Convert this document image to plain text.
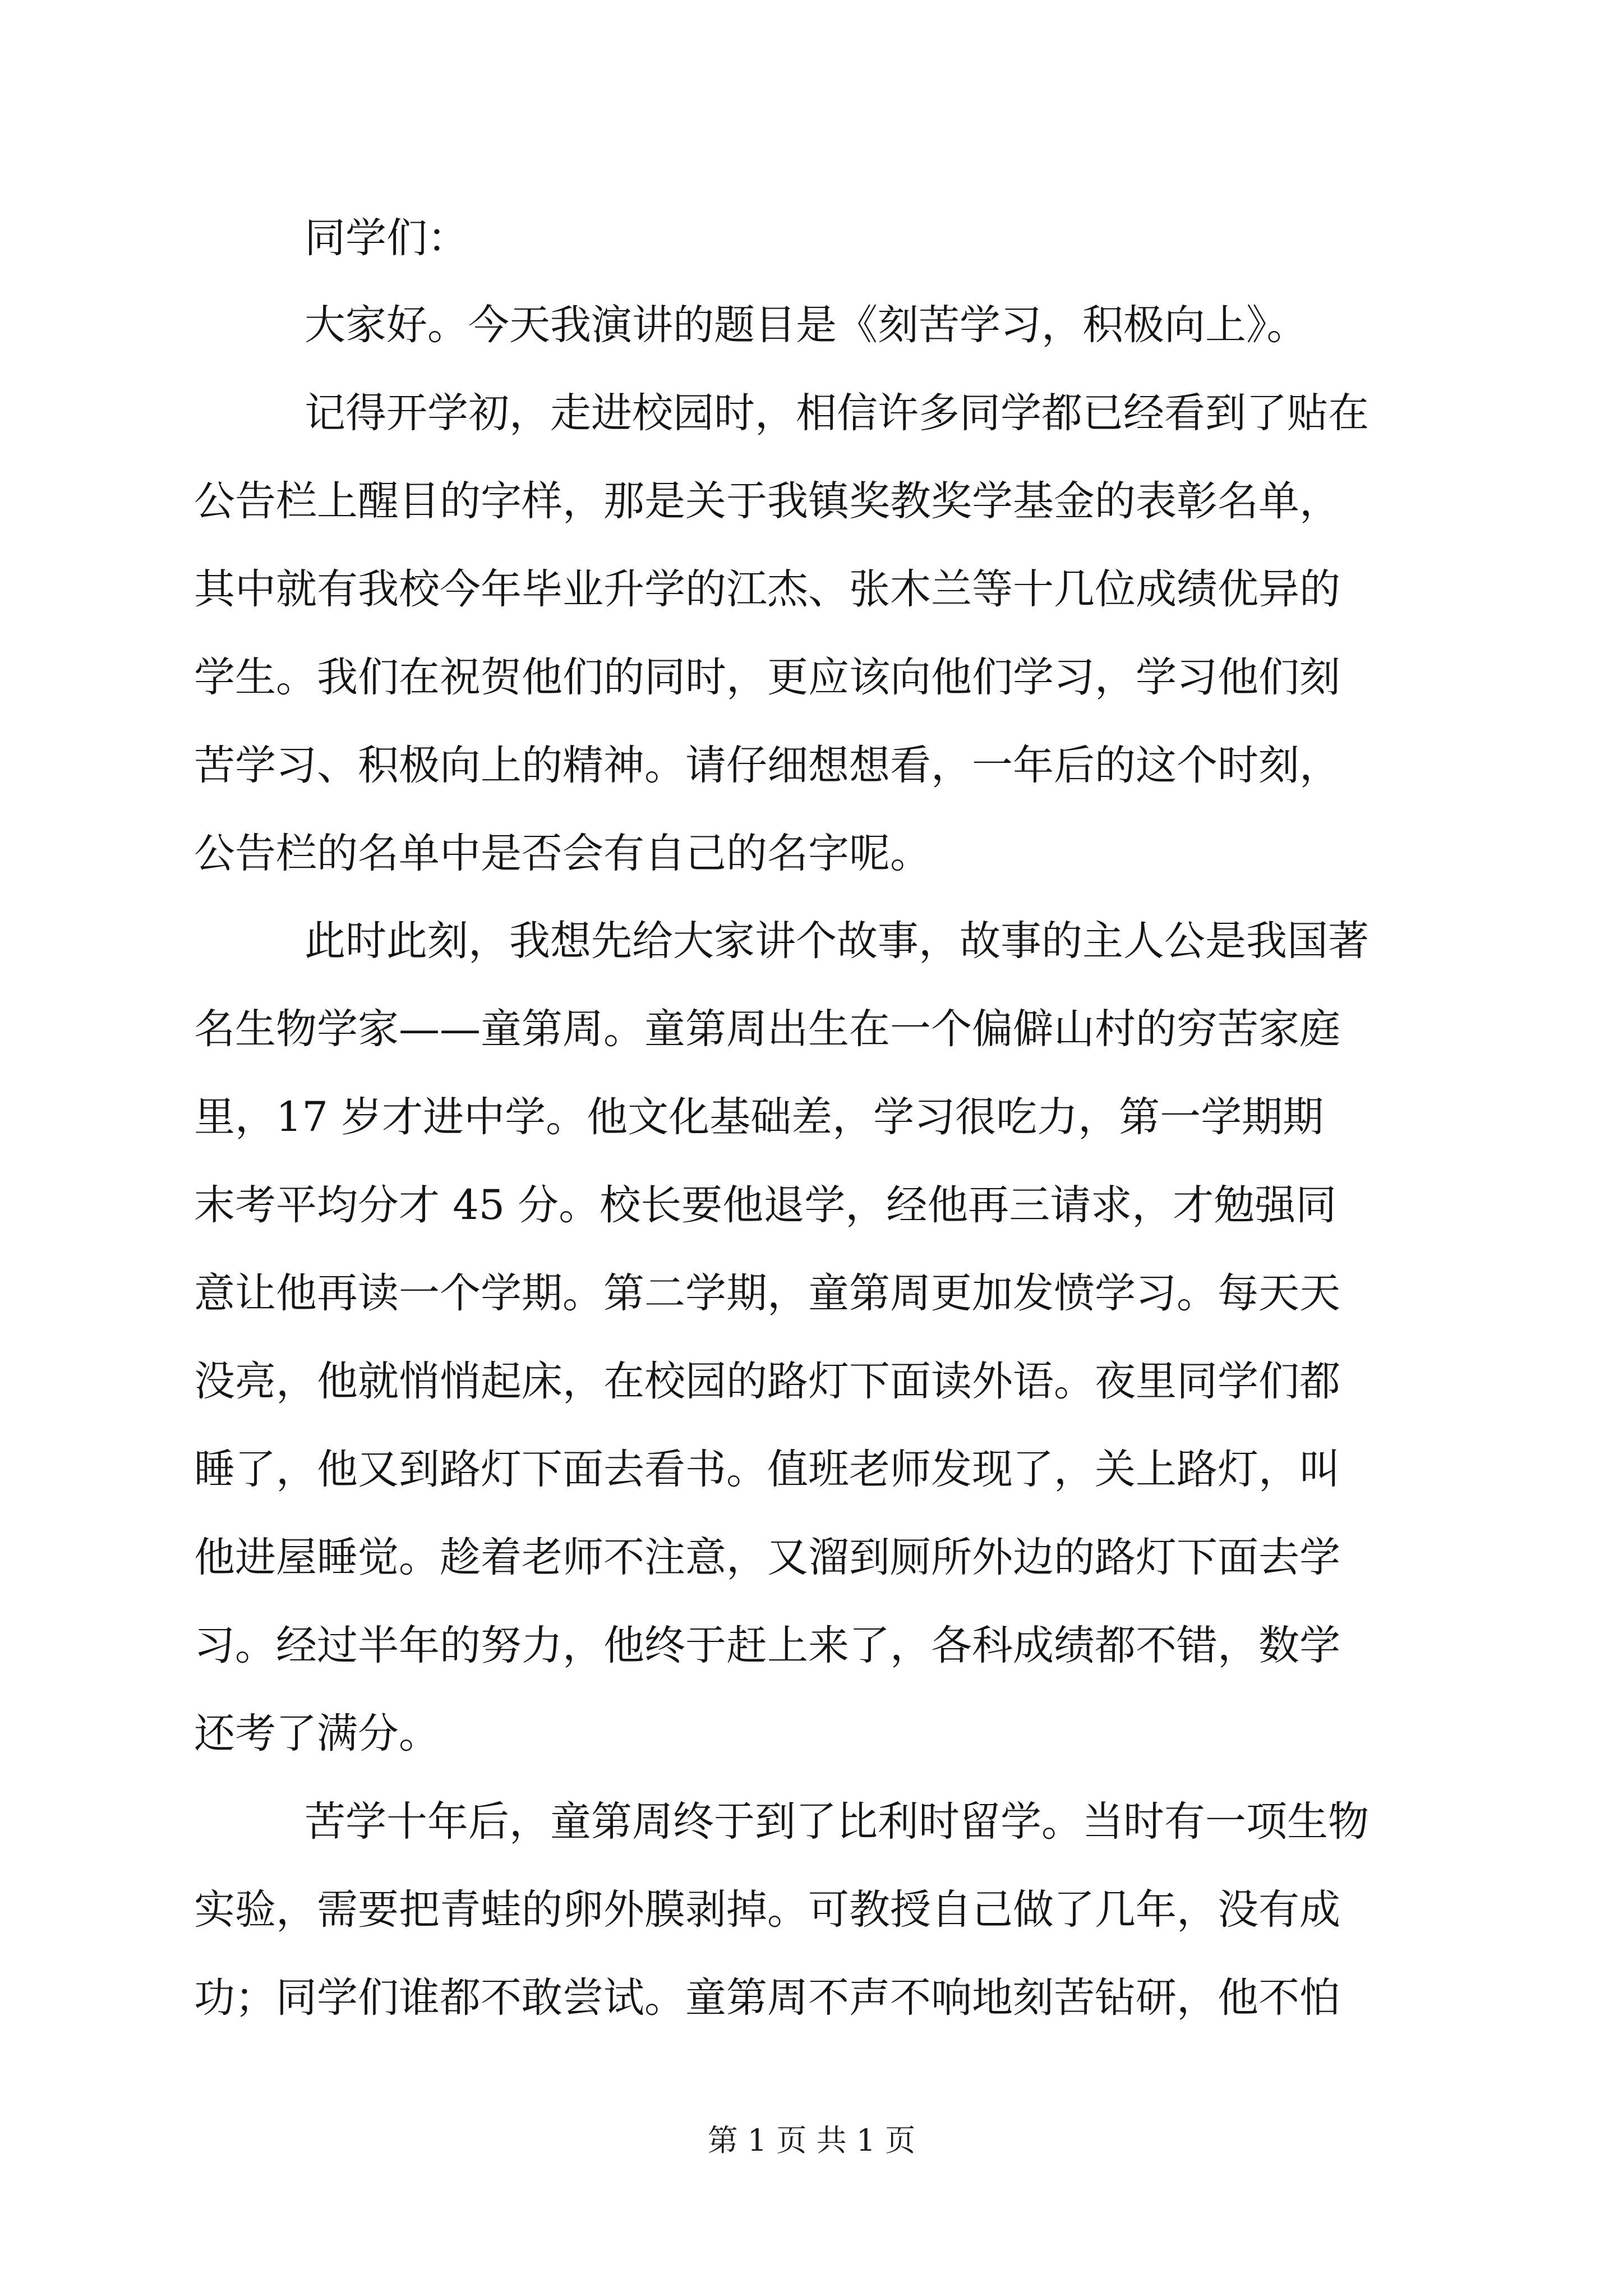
同学们：
大家好。今天我演讲的题目是《刻苦学习，积极向上》。
记得开学初，走进校园时，相信许多同学都已经看到了贴在
公告栏上醒目的字样，那是关于我镇奖教奖学基金的表彰名单，
其中就有我校今年毕业升学的江杰、张木兰等十几位成绩优异的
学生。我们在祝贺他们的同时，更应该向他们学习，学习他们刻
苦学习、积极向上的精神。请仔细想想看，一年后的这个时刻，
公告栏的名单中是否会有自己的名字呢。
此时此刻，我想先给大家讲个故事，故事的主人公是我国著
名生物学家——童第周。童第周出生在一个偏僻山村的穷苦家庭
里，17 岁才进中学。他文化基础差，学习很吃力，第一学期期
末考平均分才 45 分。校长要他退学，经他再三请求，才勉强同
意让他再读一个学期。第二学期，童第周更加发愤学习。每天天
没亮，他就悄悄起床，在校园的路灯下面读外语。夜里同学们都
睡了，他又到路灯下面去看书。值班老师发现了，关上路灯，叫
他进屋睡觉。趁着老师不注意，又溜到厕所外边的路灯下面去学
习。经过半年的努力，他终于赶上来了，各科成绩都不错，数学
还考了满分。
苦学十年后，童第周终于到了比利时留学。当时有一项生物
实验，需要把青蛙的卵外膜剥掉。可教授自己做了几年，没有成
功；同学们谁都不敢尝试。童第周不声不响地刻苦钻研，他不怕
第 1 页 共 1 页
